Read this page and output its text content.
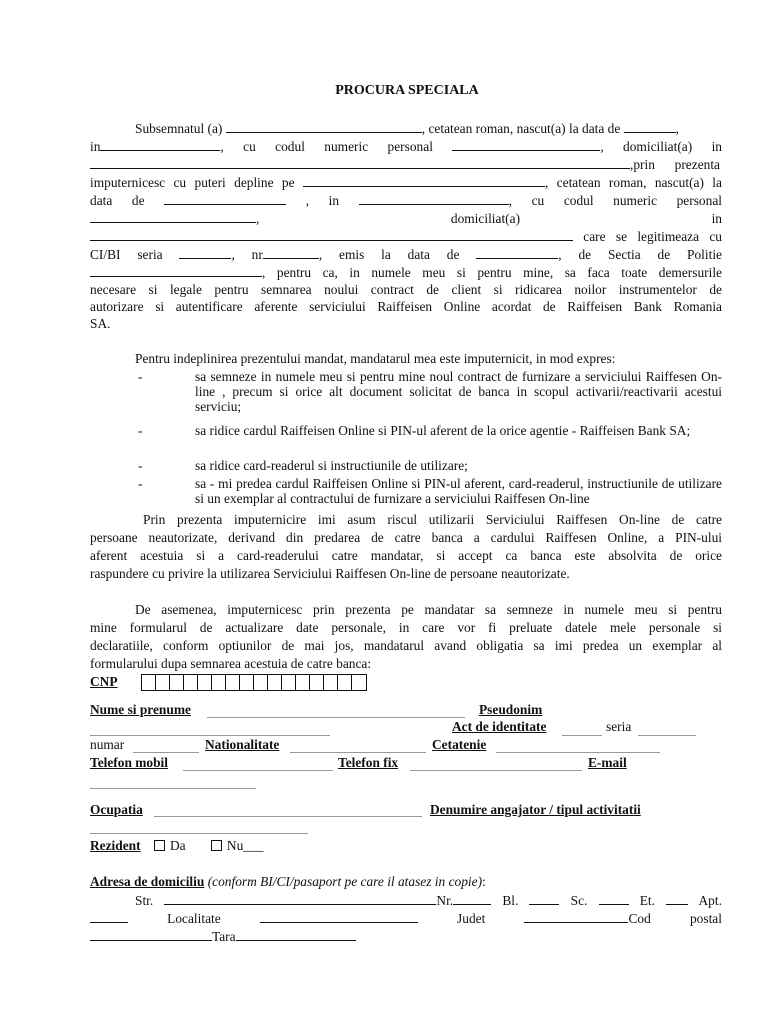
PROCURA SPECIALA
Subsemnatul (a)	, cetatean roman, nascut(a) la data de	,
in	, cu codul numeric personal	, domiciliat(a) in
,prin prezenta
imputernicesc cu puteri depline pe	, cetatean roman, nascut(a) la
data de	, in	, cu codul numeric personal
,	domiciliat(a)	in
care se legitimeaza cu
CI/BI seria	, nr	, emis la data de	, de Sectia de Politie
, pentru ca, in numele meu si pentru mine, sa faca toate demersurile
necesare si legale pentru semnarea noului contract de client si ridicarea noilor instrumentelor de
autorizare si autentificare aferente serviciului Raiffeisen Online acordat de Raiffeisen Bank Romania
SA.
Pentru indeplinirea prezentului mandat, mandatarul mea este imputernicit, in mod expres:
-	sa semneze in numele meu si pentru mine noul contract de furnizare a serviciului Raiffesen On-line , precum si orice alt document solicitat de banca in scopul activarii/reactivarii acestui serviciu;
-	sa ridice cardul Raiffeisen Online si PIN-ul aferent de la orice agentie - Raiffeisen Bank SA;
-	sa ridice card-readerul si instructiunile de utilizare;
-	sa - mi predea cardul Raiffeisen Online si PIN-ul aferent, card-readerul, instructiunile de utilizare si un exemplar al contractului de furnizare a serviciului Raiffesen On-line
Prin prezenta imputernicire imi asum riscul utilizarii Serviciului Raiffesen On-line de catre
persoane neautorizate, derivand din predarea de catre banca a cardului Raiffesen Online, a PIN-ului
aferent acestuia si a card-readerului catre mandatar, si accept ca banca este absolvita de orice
raspundere cu privire la utilizarea Serviciului Raiffesen On-line de persoane neautorizate.
De asemenea, imputernicesc prin prezenta pe mandatar sa semneze in numele meu si pentru
mine formularul de actualizare date personale, in care vor fi preluate datele mele personale si
declaratiile, conform optiunilor de mai jos, mandatarul avand obligatia sa imi predea un exemplar al
formularului dupa semnarea acestuia de catre banca:
CNP
Nume si prenume	Pseudonim
Act de identitate	seria
numar	Nationalitate	Cetatenie
Telefon mobil	Telefon fix	E-mail
Ocupatia	Denumire angajator / tipul activitatii
Rezident Da	Nu___
Adresa de domiciliu (conform BI/CI/pasaport pe care il atasez in copie):
Str.	Nr.	Bl.	Sc.	Et.	Apt.
Localitate	Judet	Cod postal
Tara
